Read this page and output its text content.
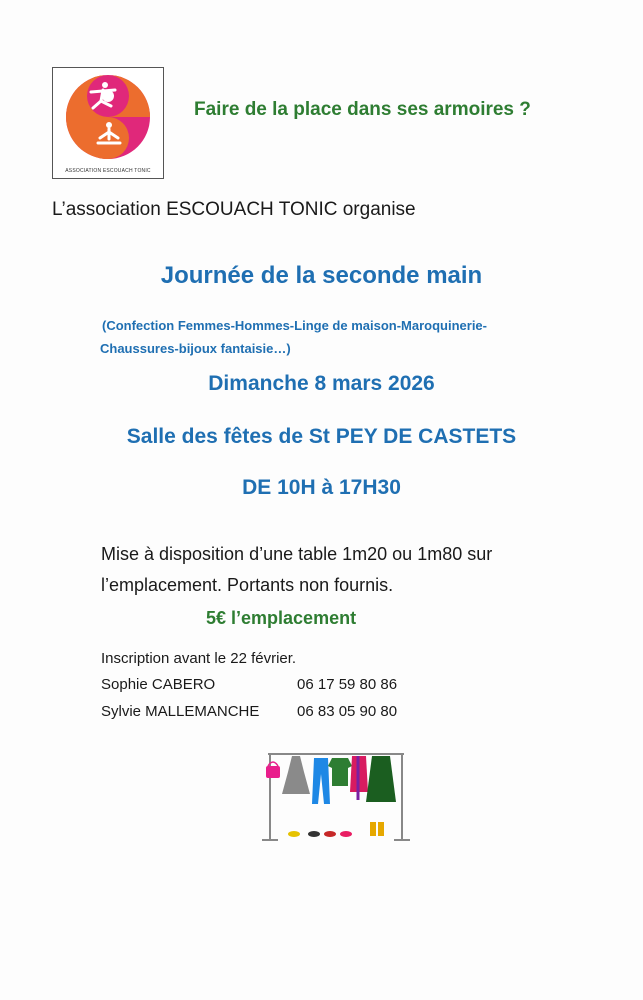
ASSOCIATION ESCOUACH TONIC
Faire de la place dans ses armoires ?
L’association ESCOUACH TONIC organise
Journée de la seconde main
(Confection Femmes-Hommes-Linge de maison-Maroquinerie-
Chaussures-bijoux fantaisie…)
Dimanche 8 mars 2026
Salle des fêtes de St PEY DE CASTETS
DE 10H à 17H30
Mise à disposition d’une table 1m20 ou 1m80 sur
l’emplacement. Portants non fournis.
5€ l’emplacement
Inscription avant le 22 février.
Sophie CABERO	06 17 59 80 86
Sylvie MALLEMANCHE	06 83 05 90 80
